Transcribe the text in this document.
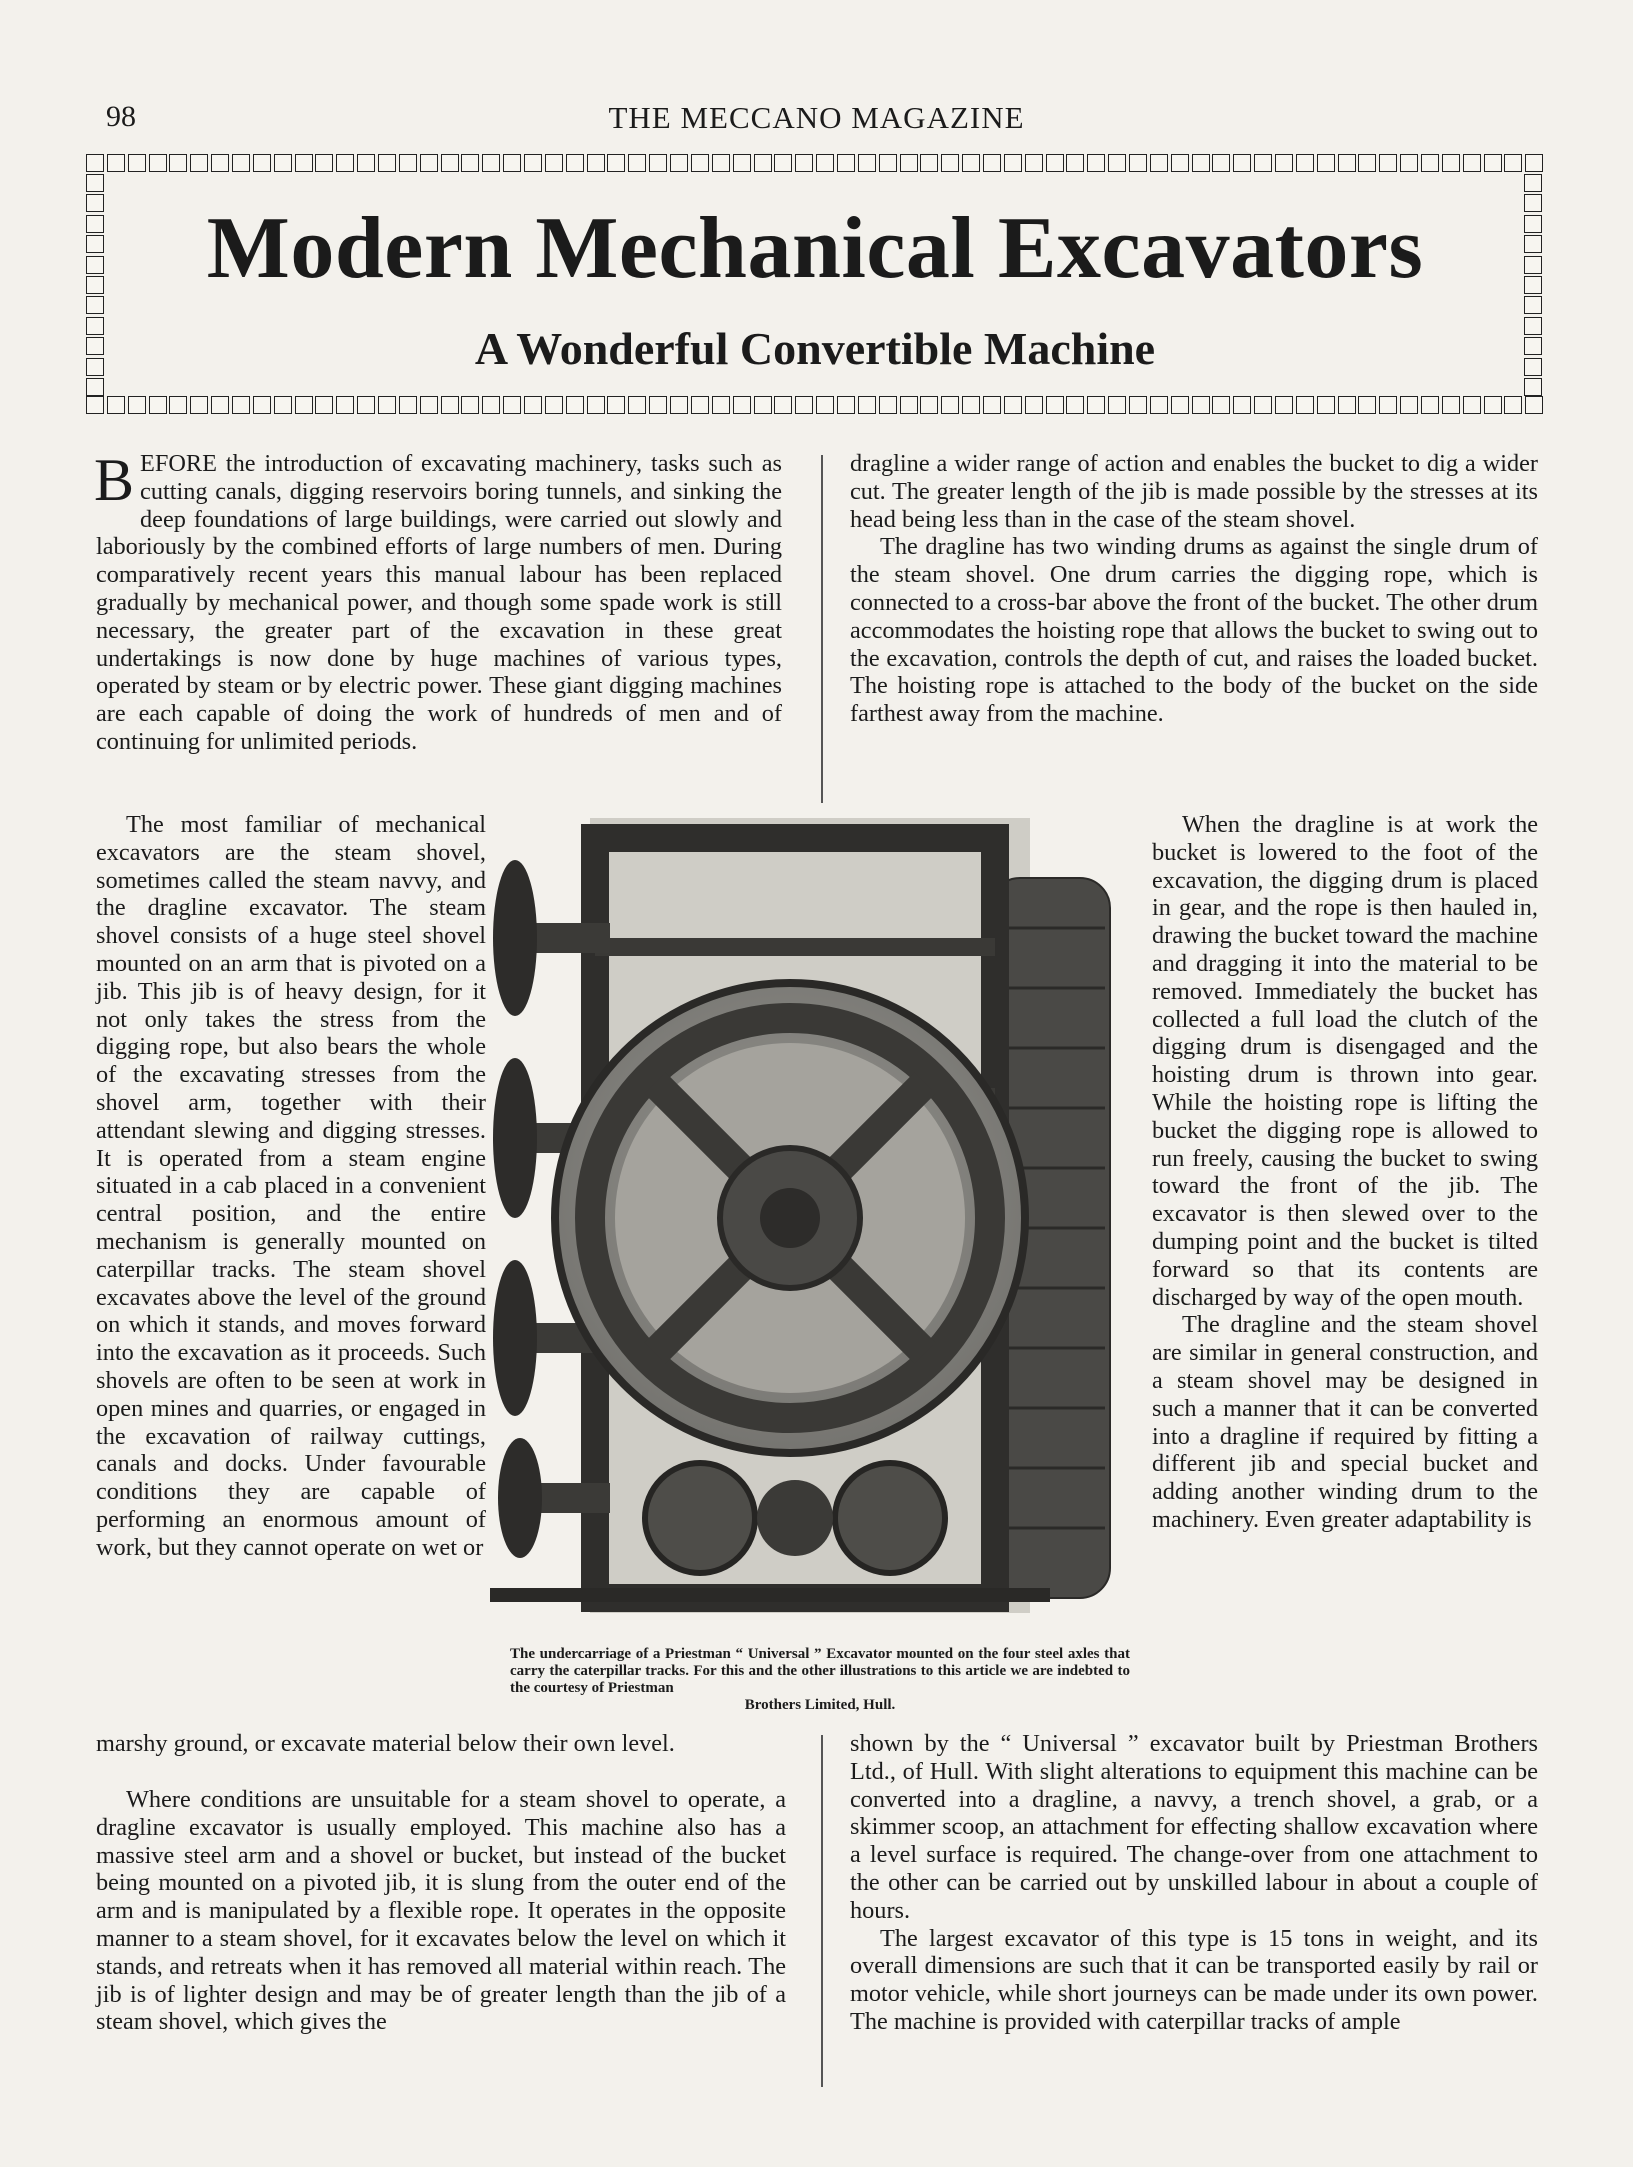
98	THE MECCANO MAGAZINE
Modern Mechanical Excavators
A Wonderful Convertible Machine

BEFORE the introduction of excavating machinery, tasks such as cutting canals, digging reservoirs boring tunnels, and sinking the deep foundations of large buildings, were carried out slowly and laboriously by the combined efforts of large numbers of men. During comparatively recent years this manual labour has been replaced gradually by mechanical power, and though some spade work is still necessary, the greater part of the excavation in these great undertakings is now done by huge machines of various types, operated by steam or by electric power. These giant digging machines are each capable of doing the work of hundreds of men and of continuing for unlimited periods.

The most familiar of mechanical excavators are the steam shovel, sometimes called the steam navvy, and the dragline excavator. The steam shovel consists of a huge steel shovel mounted on an arm that is pivoted on a jib. This jib is of heavy design, for it not only takes the stress from the digging rope, but also bears the whole of the excavating stresses from the shovel arm, together with their attendant slewing and digging stresses. It is operated from a steam engine situated in a cab placed in a convenient central position, and the entire mechanism is generally mounted on caterpillar tracks. The steam shovel excavates above the level of the ground on which it stands, and moves forward into the excavation as it proceeds. Such shovels are often to be seen at work in open mines and quarries, or engaged in the excavation of railway cuttings, canals and docks. Under favourable conditions they are capable of performing an enormous amount of work, but they cannot operate on wet or

marshy ground, or excavate material below their own level.

Where conditions are unsuitable for a steam shovel to operate, a dragline excavator is usually employed. This machine also has a massive steel arm and a shovel or bucket, but instead of the bucket being mounted on a pivoted jib, it is slung from the outer end of the arm and is manipulated by a flexible rope. It operates in the opposite manner to a steam shovel, for it excavates below the level on which it stands, and retreats when it has removed all material within reach. The jib is of lighter design and may be of greater length than the jib of a steam shovel, which gives the

dragline a wider range of action and enables the bucket to dig a wider cut. The greater length of the jib is made possible by the stresses at its head being less than in the case of the steam shovel.

The dragline has two winding drums as against the single drum of the steam shovel. One drum carries the digging rope, which is connected to a cross-bar above the front of the bucket. The other drum accommodates the hoisting rope that allows the bucket to swing out to the excavation, controls the depth of cut, and raises the loaded bucket. The hoisting rope is attached to the body of the bucket on the side farthest away from the machine.

When the dragline is at work the bucket is lowered to the foot of the excavation, the digging drum is placed in gear, and the rope is then hauled in, drawing the bucket toward the machine and dragging it into the material to be removed. Immediately the bucket has collected a full load the clutch of the digging drum is disengaged and the hoisting drum is thrown into gear. While the hoisting rope is lifting the bucket the digging rope is allowed to run freely, causing the bucket to swing toward the front of the jib. The excavator is then slewed over to the dumping point and the bucket is tilted forward so that its contents are discharged by way of the open mouth.

The dragline and the steam shovel are similar in general construction, and a steam shovel may be designed in such a manner that it can be converted into a dragline if required by fitting a different jib and special bucket and adding another winding drum to the machinery. Even greater adaptability is

shown by the “ Universal ” excavator built by Priestman Brothers Ltd., of Hull. With slight alterations to equipment this machine can be converted into a dragline, a navvy, a trench shovel, a grab, or a skimmer scoop, an attachment for effecting shallow excavation where a level surface is required. The change-over from one attachment to the other can be carried out by unskilled labour in about a couple of hours.

The largest excavator of this type is 15 tons in weight, and its overall dimensions are such that it can be transported easily by rail or motor vehicle, while short journeys can be made under its own power. The machine is provided with caterpillar tracks of ample

The undercarriage of a Priestman “ Universal ” Excavator mounted on the four steel axles that carry the caterpillar tracks. For this and the other illustrations to this article we are indebted to the courtesy of Priestman
Brothers Limited, Hull.
